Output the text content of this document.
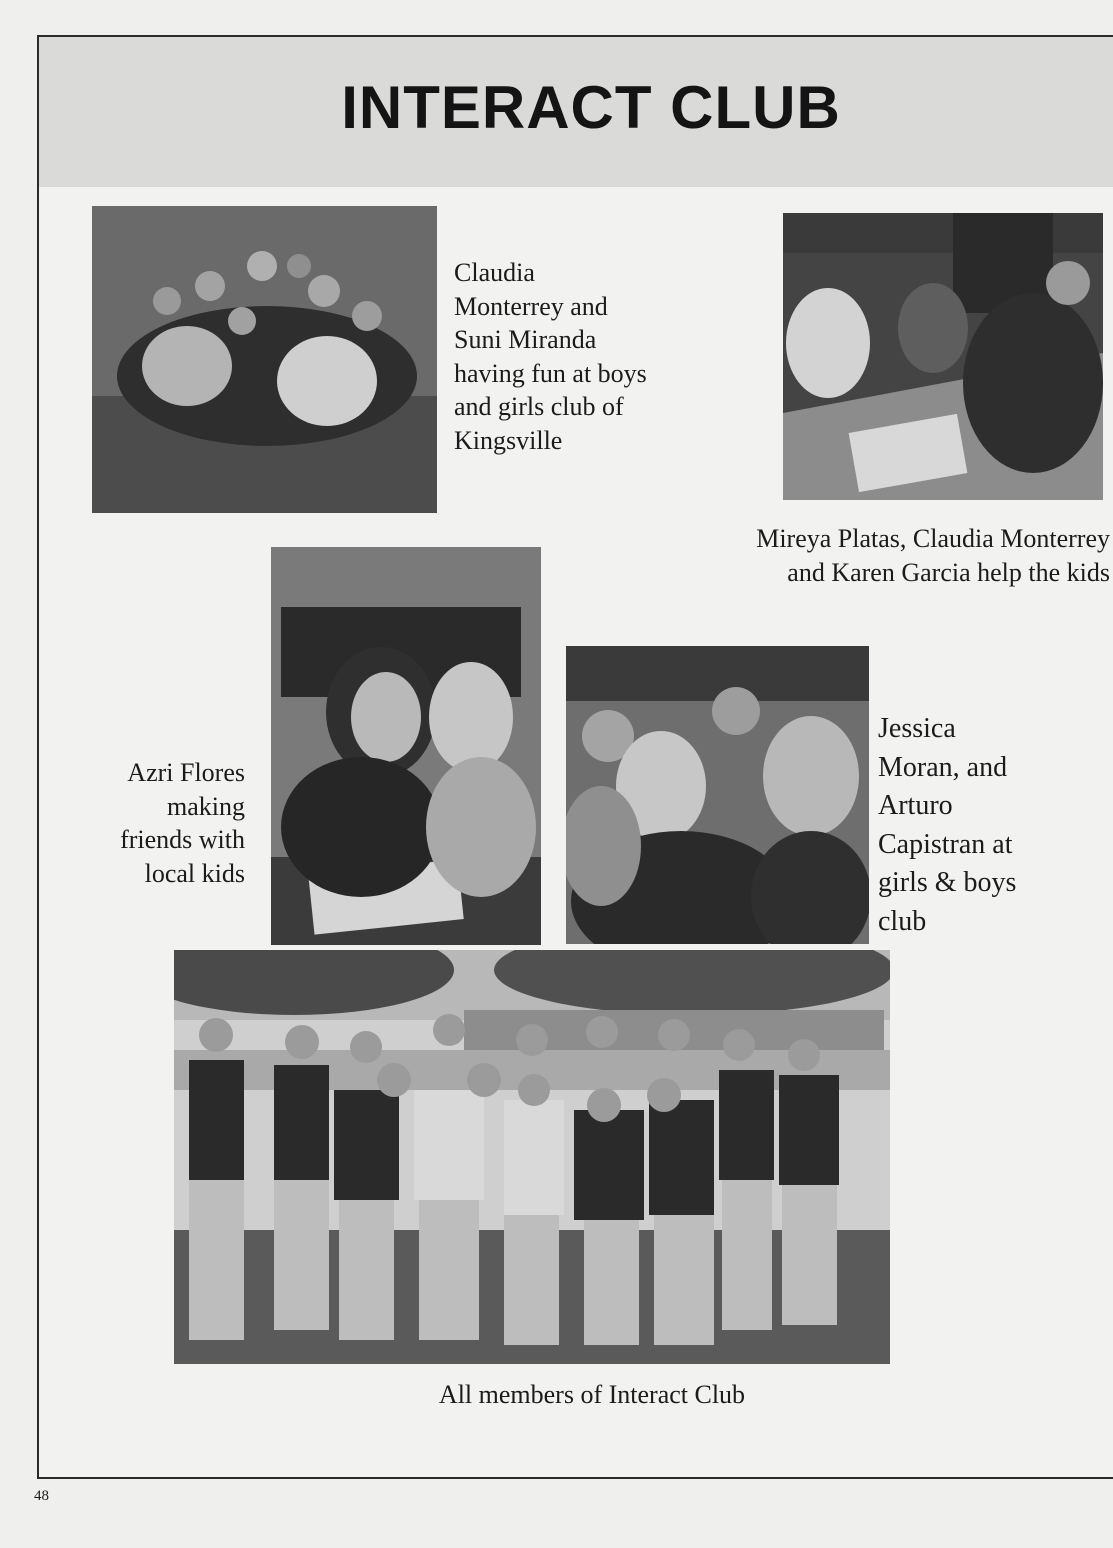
INTERACT CLUB
Claudia
Monterrey and
Suni Miranda
having fun at boys
and girls club of
Kingsville
Mireya Platas, Claudia Monterrey
and Karen Garcia help the kids
Azri Flores
making
friends with
local kids
Jessica
Moran, and
Arturo
Capistran at
girls & boys
club
All members of Interact Club
48
